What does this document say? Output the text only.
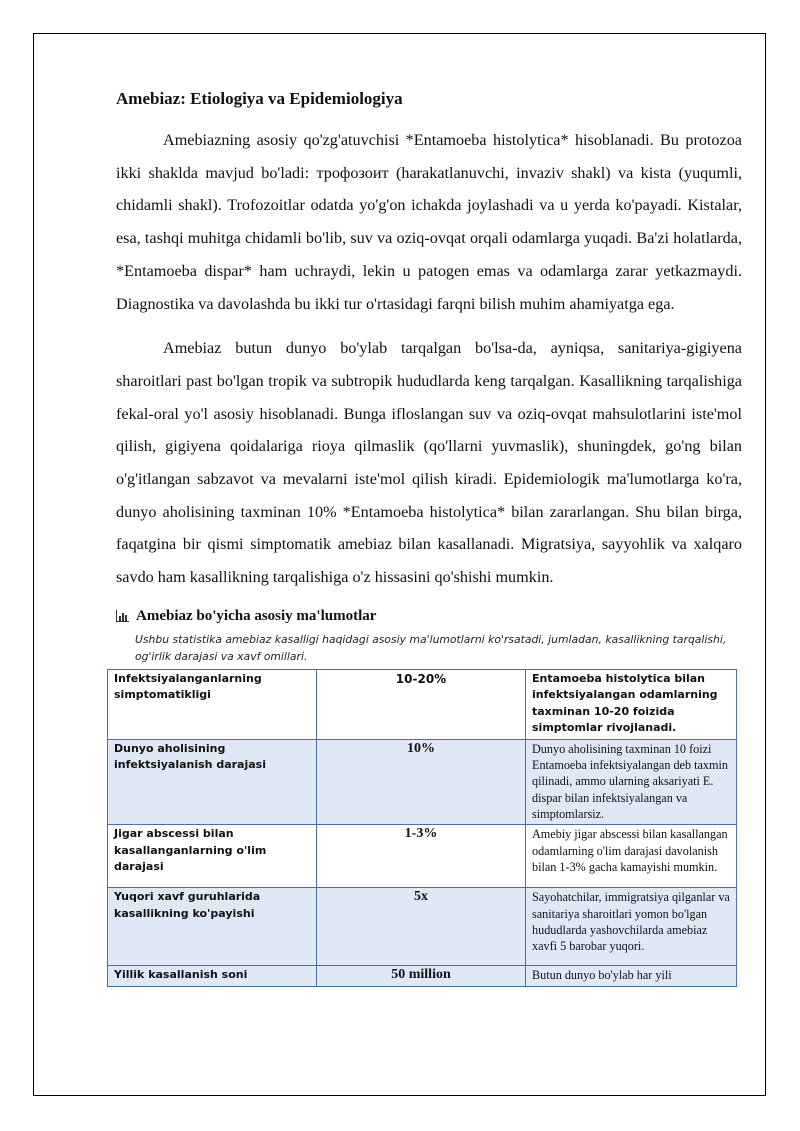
Amebiaz: Etiologiya va Epidemiologiya

Amebiazning asosiy qo'zg'atuvchisi *Entamoeba histolytica* hisoblanadi. Bu protozoa ikki shaklda mavjud bo'ladi: трофозоит (harakatlanuvchi, invaziv shakl) va kista (yuqumli, chidamli shakl). Trofozoitlar odatda yo'g'on ichakda joylashadi va u yerda ko'payadi. Kistalar, esa, tashqi muhitga chidamli bo'lib, suv va oziq-ovqat orqali odamlarga yuqadi. Ba'zi holatlarda, *Entamoeba dispar* ham uchraydi, lekin u patogen emas va odamlarga zarar yetkazmaydi. Diagnostika va davolashda bu ikki tur o'rtasidagi farqni bilish muhim ahamiyatga ega.

Amebiaz butun dunyo bo'ylab tarqalgan bo'lsa-da, ayniqsa, sanitariya-gigiyena sharoitlari past bo'lgan tropik va subtropik hududlarda keng tarqalgan. Kasallikning tarqalishiga fekal-oral yo'l asosiy hisoblanadi. Bunga ifloslangan suv va oziq-ovqat mahsulotlarini iste'mol qilish, gigiyena qoidalariga rioya qilmaslik (qo'llarni yuvmaslik), shuningdek, go'ng bilan o'g'itlangan sabzavot va mevalarni iste'mol qilish kiradi. Epidemiologik ma'lumotlarga ko'ra, dunyo aholisining taxminan 10% *Entamoeba histolytica* bilan zararlangan. Shu bilan birga, faqatgina bir qismi simptomatik amebiaz bilan kasallanadi. Migratsiya, sayyohlik va xalqaro savdo ham kasallikning tarqalishiga o'z hissasini qo'shishi mumkin.

Amebiaz bo'yicha asosiy ma'lumotlar
Ushbu statistika amebiaz kasalligi haqidagi asosiy ma'lumotlarni ko'rsatadi, jumladan, kasallikning tarqalishi, og'irlik darajasi va xavf omillari.
Infektsiyalanganlarning simptomatikligi	10-20%	Entamoeba histolytica bilan infektsiyalangan odamlarning taxminan 10-20 foizida simptomlar rivojlanadi.
Dunyo aholisining infektsiyalanish darajasi	10%	Dunyo aholisining taxminan 10 foizi Entamoeba infektsiyalangan deb taxmin qilinadi, ammo ularning aksariyati E. dispar bilan infektsiyalangan va simptomlarsiz.
Jigar abscessi bilan kasallanganlarning o'lim darajasi	1-3%	Amebiy jigar abscessi bilan kasallangan odamlarning o'lim darajasi davolanish bilan 1-3% gacha kamayishi mumkin.
Yuqori xavf guruhlarida kasallikning ko'payishi	5x	Sayohatchilar, immigratsiya qilganlar va sanitariya sharoitlari yomon bo'lgan hududlarda yashovchilarda amebiaz xavfi 5 barobar yuqori.
Yillik kasallanish soni	50 million	Butun dunyo bo'ylab har yili
